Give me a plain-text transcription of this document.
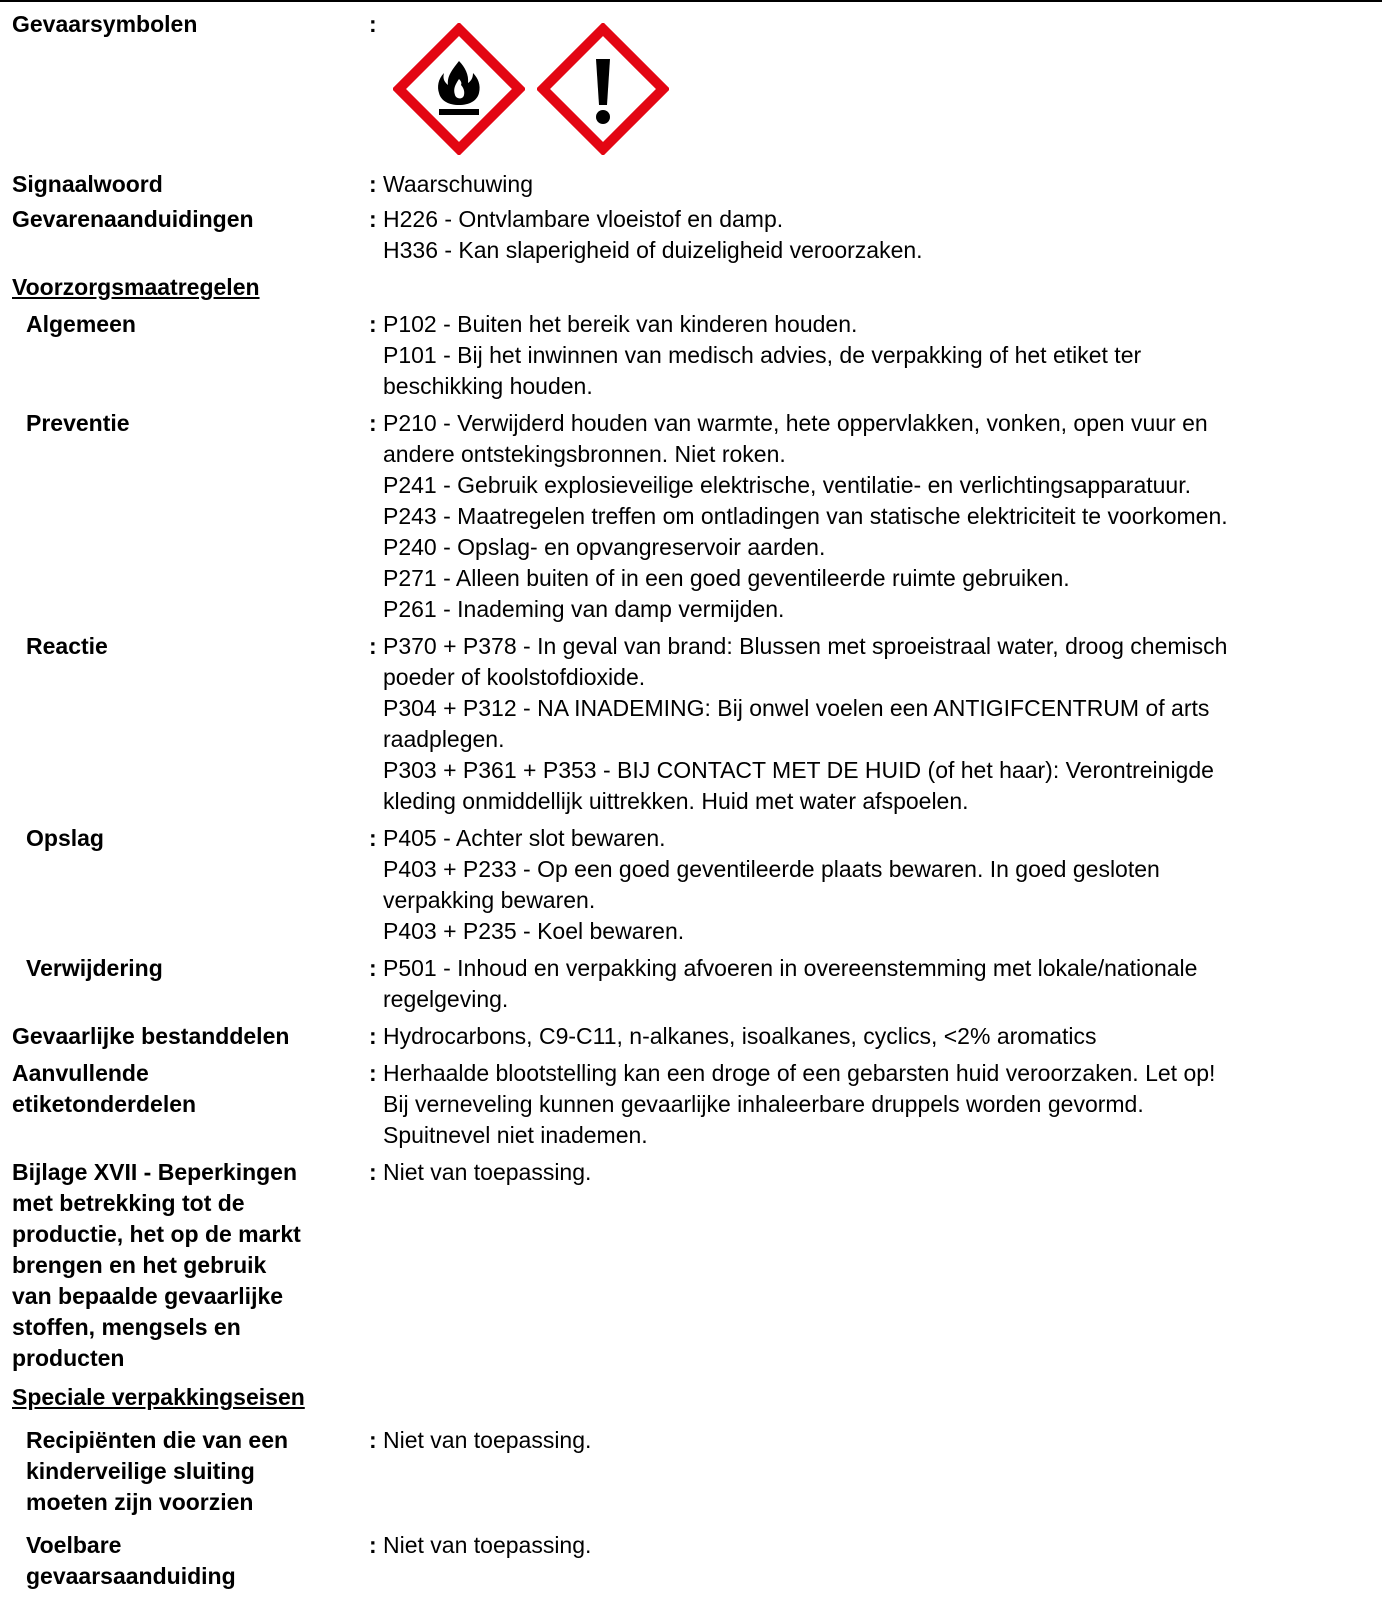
Gevaarsymbolen	:
Signaalwoord	: Waarschuwing
Gevarenaanduidingen	: H226 - Ontvlambare vloeistof en damp.
H336 - Kan slaperigheid of duizeligheid veroorzaken.
Voorzorgsmaatregelen
Algemeen	: P102 - Buiten het bereik van kinderen houden.
P101 - Bij het inwinnen van medisch advies, de verpakking of het etiket ter
beschikking houden.
Preventie	: P210 - Verwijderd houden van warmte, hete oppervlakken, vonken, open vuur en
andere ontstekingsbronnen. Niet roken.
P241 - Gebruik explosieveilige elektrische, ventilatie- en verlichtingsapparatuur.
P243 - Maatregelen treffen om ontladingen van statische elektriciteit te voorkomen.
P240 - Opslag- en opvangreservoir aarden.
P271 - Alleen buiten of in een goed geventileerde ruimte gebruiken.
P261 - Inademing van damp vermijden.
Reactie	: P370 + P378 - In geval van brand: Blussen met sproeistraal water, droog chemisch
poeder of koolstofdioxide.
P304 + P312 - NA INADEMING: Bij onwel voelen een ANTIGIFCENTRUM of arts
raadplegen.
P303 + P361 + P353 - BIJ CONTACT MET DE HUID (of het haar): Verontreinigde
kleding onmiddellijk uittrekken. Huid met water afspoelen.
Opslag	: P405 - Achter slot bewaren.
P403 + P233 - Op een goed geventileerde plaats bewaren. In goed gesloten
verpakking bewaren.
P403 + P235 - Koel bewaren.
Verwijdering	: P501 - Inhoud en verpakking afvoeren in overeenstemming met lokale/nationale
regelgeving.
Gevaarlijke bestanddelen	: Hydrocarbons, C9-C11, n-alkanes, isoalkanes, cyclics, <2% aromatics
Aanvullende
etiketonderdelen
: Herhaalde blootstelling kan een droge of een gebarsten huid veroorzaken. Let op!
Bij verneveling kunnen gevaarlijke inhaleerbare druppels worden gevormd.
Spuitnevel niet inademen.
Bijlage XVII - Beperkingen
met betrekking tot de
productie, het op de markt
brengen en het gebruik
van bepaalde gevaarlijke
stoffen, mengsels en
producten
: Niet van toepassing.
Speciale verpakkingseisen
Recipiënten die van een
kinderveilige sluiting
moeten zijn voorzien
: Niet van toepassing.
Voelbare
gevaarsaanduiding
: Niet van toepassing.
